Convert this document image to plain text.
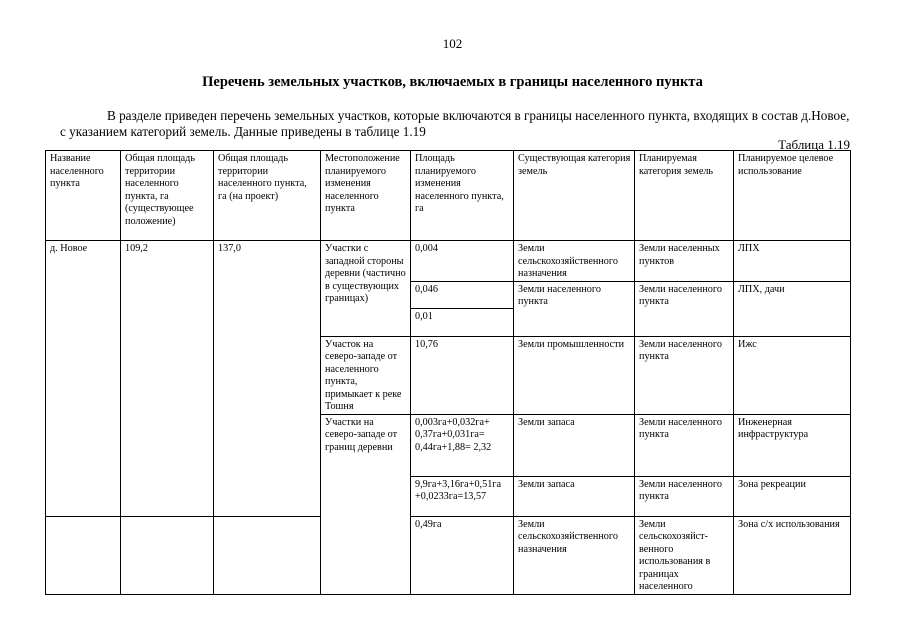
102
Перечень земельных участков, включаемых в границы населенного пункта
В разделе приведен перечень земельных участков, которые включаются в границы населенного пункта, входящих в состав д.Новое, с указанием категорий земель. Данные приведены в таблице 1.19
Таблица 1.19
Название населенного пункта	Общая площадь территории населенного пункта, га (существующее положение)	Общая площадь территории населенного пункта, га (на проект)	Местоположение планируемого изменения населенного пункта	Площадь планируемого изменения населенного пункта, га	Существующая категория земель	Планируемая категория земель	Планируемое целевое использование
д. Новое	109,2	137,0	Участки с западной стороны деревни (частично в существующих границах)	0,004	Земли сельскохозяйственного назначения	Земли населенных пунктов	ЛПХ
				0,046	Земли населенного пункта	Земли населенного пункта	ЛПХ, дачи
				0,01			
			Участок на северо-западе от населенного пункта, примыкает к реке Тошня	10,76	Земли промышленности	Земли населенного пункта	Ижс
			Участки на северо-западе от границ деревни	0,003га+0,032га+ 0,37га+0,031га= 0,44га+1,88= 2,32	Земли запаса	Земли населенного пункта	Инженерная инфраструктура
				9,9га+3,16га+0,51га +0,0233га=13,57	Земли запаса	Земли населенного пункта	Зона рекреации
				0,49га	Земли сельскохозяйственного назначения	Земли сельскохозяйст- венного использования в границах населенного	Зона с/х использования
